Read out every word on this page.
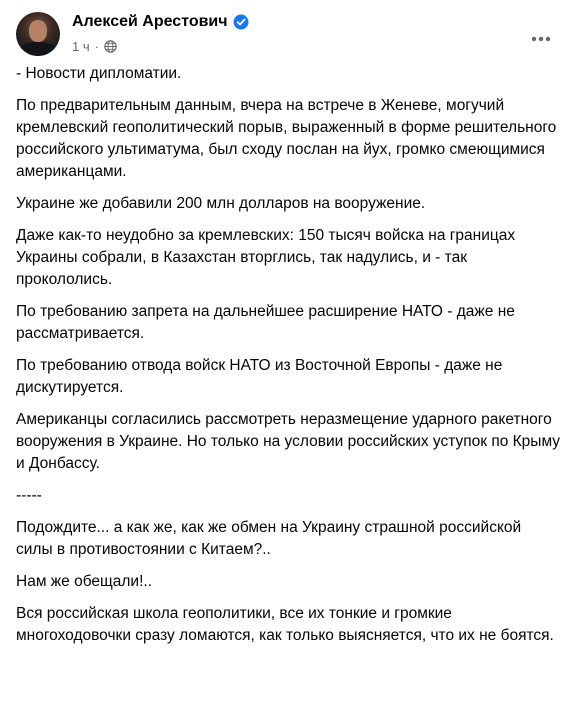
Алексей Арестович
1 ч ·

- Новости дипломатии.

По предварительным данным, вчера на встрече в Женеве, могучий кремлевский геополитический порыв, выраженный в форме решительного российского ультиматума, был сходу послан на йух, громко смеющимися американцами.

Украине же добавили 200 млн долларов на вооружение.

Даже как-то неудобно за кремлевских: 150 тысяч войска на границах Украины собрали, в Казахстан вторглись, так надулись, и - так прокололись.

По требованию запрета на дальнейшее расширение НАТО - даже не рассматривается.

По требованию отвода войск НАТО из Восточной Европы - даже не дискутируется.

Американцы согласились рассмотреть неразмещение ударного ракетного вооружения в Украине. Но только на условии российских уступок по Крыму и Донбассу.

-----

Подождите... а как же, как же обмен на Украину страшной российской силы в противостоянии с Китаем?..

Нам же обещали!..

Вся российская школа геополитики, все их тонкие и громкие многоходовочки сразу ломаются, как только выясняется, что их не боятся.
